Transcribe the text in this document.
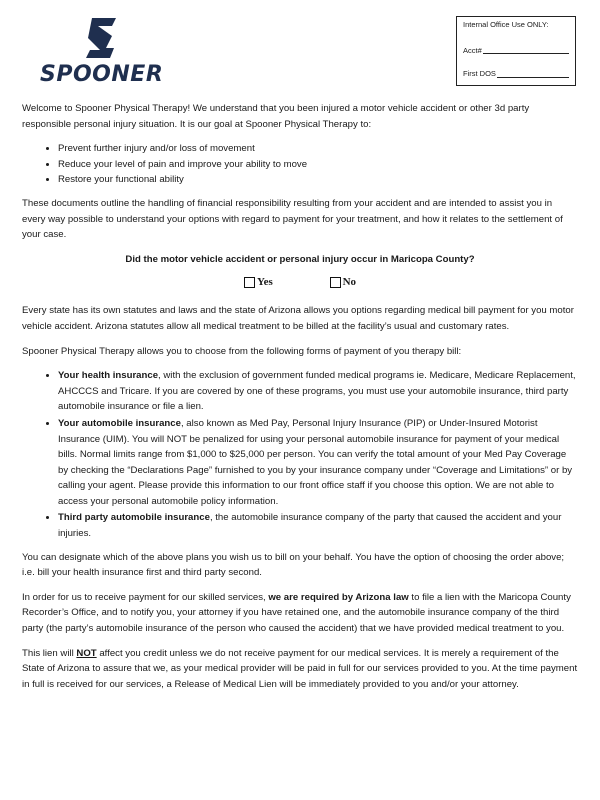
SPOONER
Internal Office Use ONLY:
Acct#
First DOS

Welcome to Spooner Physical Therapy! We understand that you been injured a motor vehicle accident or other 3d party responsible personal injury situation. It is our goal at Spooner Physical Therapy to:

• Prevent further injury and/or loss of movement
• Reduce your level of pain and improve your ability to move
• Restore your functional ability

These documents outline the handling of financial responsibility resulting from your accident and are intended to assist you in every way possible to understand your options with regard to payment for your treatment, and how it relates to the settlement of your case.

Did the motor vehicle accident or personal injury occur in Maricopa County?
Yes
	No

Every state has its own statutes and laws and the state of Arizona allows you options regarding medical bill payment for you motor vehicle accident. Arizona statutes allow all medical treatment to be billed at the facility’s usual and customary rates.

Spooner Physical Therapy allows you to choose from the following forms of payment of you therapy bill:

• Your health insurance, with the exclusion of government funded medical programs ie. Medicare, Medicare Replacement, AHCCCS and Tricare. If you are covered by one of these programs, you must use your automobile insurance, third party automobile insurance or file a lien.
• Your automobile insurance, also known as Med Pay, Personal Injury Insurance (PIP) or Under-Insured Motorist Insurance (UIM). You will NOT be penalized for using your personal automobile insurance for payment of your medical bills. Normal limits range from $1,000 to $25,000 per person. You can verify the total amount of your Med Pay Coverage by checking the “Declarations Page” furnished to you by your insurance company under “Coverage and Limitations” or by calling your agent. Please provide this information to our front office staff if you choose this option. We are not able to access your personal automobile policy information.
• Third party automobile insurance, the automobile insurance company of the party that caused the accident and your injuries.

You can designate which of the above plans you wish us to bill on your behalf. You have the option of choosing the order above; i.e. bill your health insurance first and third party second.

In order for us to receive payment for our skilled services, we are required by Arizona law to file a lien with the Maricopa County Recorder’s Office, and to notify you, your attorney if you have retained one, and the automobile insurance company of the third party (the party’s automobile insurance of the person who caused the accident) that we have provided medical treatment to you.

This lien will NOT affect you credit unless we do not receive payment for our medical services. It is merely a requirement of the State of Arizona to assure that we, as your medical provider will be paid in full for our services provided to you. At the time payment in full is received for our services, a Release of Medical Lien will be immediately provided to you and/or your attorney.
